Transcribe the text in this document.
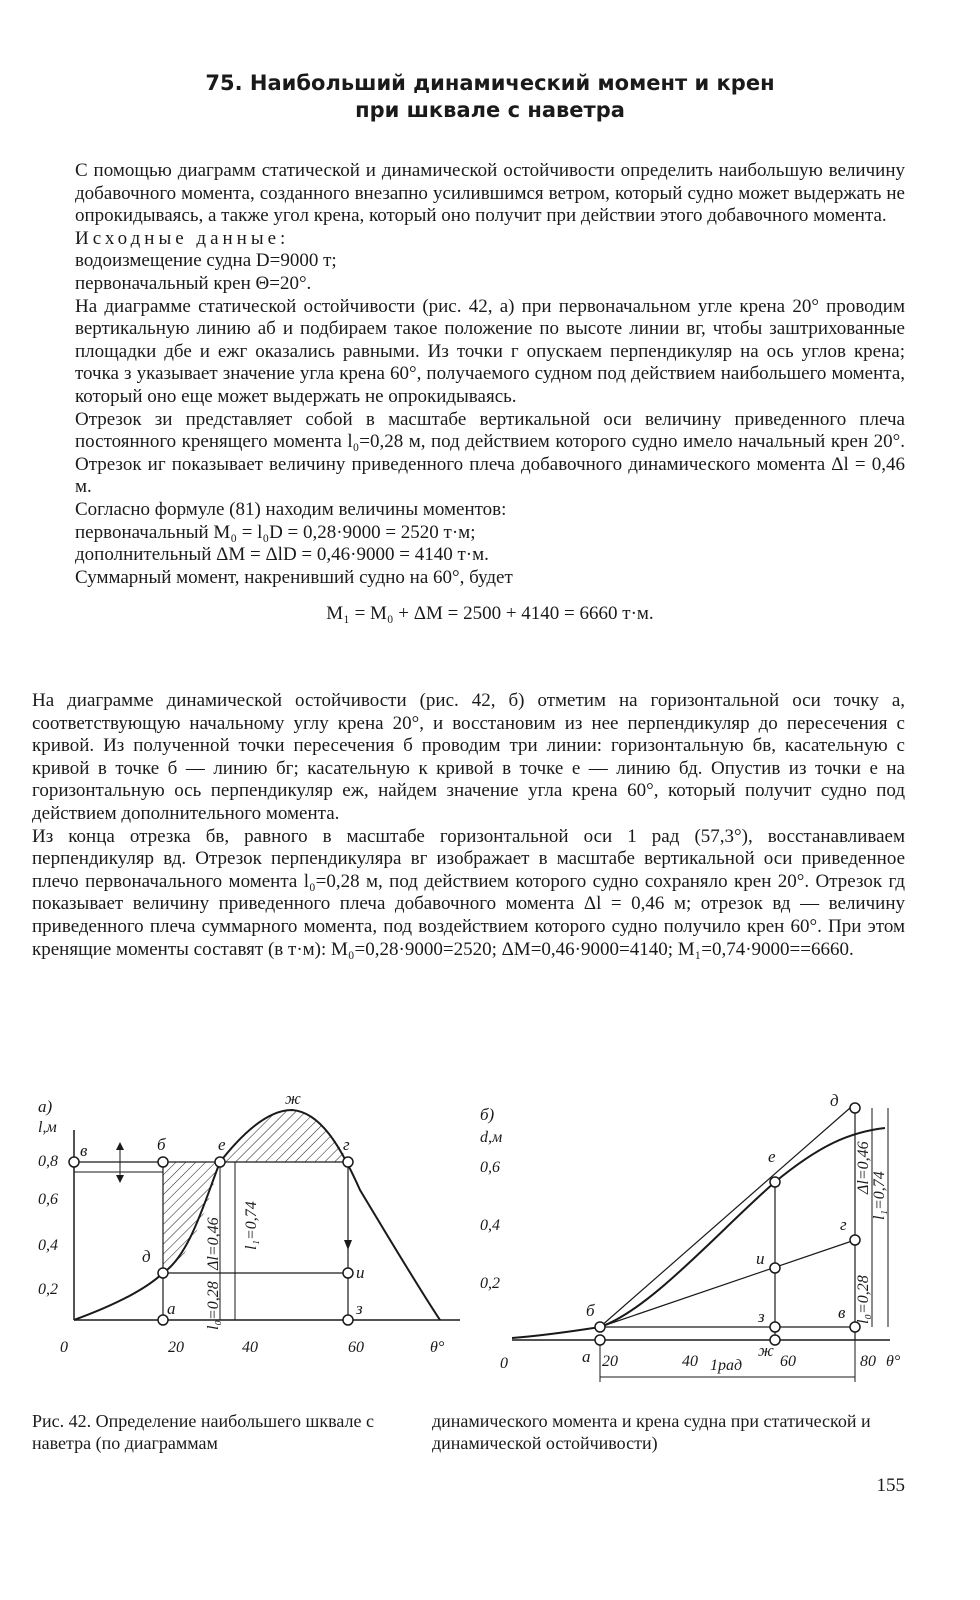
75. Наибольший динамический момент и крен
при шквале с наветра

С помощью диаграмм статической и динамической остойчивости определить наибольшую величину добавочного момента, созданного внезапно усилившимся ветром, который судно может выдержать не опрокидываясь, а также угол крена, который оно получит при действии этого добавочного момента.

Исходные данные:

водоизмещение судна D=9000 т;

первоначальный крен Θ=20°.

На диаграмме статической остойчивости (рис. 42, а) при первоначальном угле крена 20° проводим вертикальную линию аб и подбираем такое положение по высоте линии вг, чтобы заштрихованные площадки дбе и ежг оказались равными. Из точки г опускаем перпендикуляр на ось углов крена; точка з указывает значение угла крена 60°, получаемого судном под действием наибольшего момента, который оно еще может выдержать не опрокидываясь.

Отрезок зи представляет собой в масштабе вертикальной оси величину приведенного плеча постоянного кренящего момента l₀=0,28 м, под действием которого судно имело начальный крен 20°. Отрезок иг показывает величину приведенного плеча добавочного динамического момента Δl = 0,46 м.

Согласно формуле (81) находим величины моментов:

первоначальный M₀ = l₀D = 0,28·9000 = 2520 т·м;

дополнительный ΔM = ΔlD = 0,46·9000 = 4140 т·м.

Суммарный момент, накренивший судно на 60°, будет

M₁ = M₀ + ΔM = 2500 + 4140 = 6660 т·м.

На диаграмме динамической остойчивости (рис. 42, б) отметим на горизонтальной оси точку а, соответствующую начальному углу крена 20°, и восстановим из нее перпендикуляр до пересечения с кривой. Из полученной точки пересечения б проводим три линии: горизонтальную бв, касательную с кривой в точке б — линию бг; касательную к кривой в точке е — линию бд. Опустив из точки е на горизонтальную ось перпендикуляр еж, найдем значение угла крена 60°, который получит судно под действием дополнительного момента.

Из конца отрезка бв, равного в масштабе горизонтальной оси 1 рад (57,3°), восстанавливаем перпендикуляр вд. Отрезок перпендикуляра вг изображает в масштабе вертикальной оси приведенное плечо первоначального момента l₀=0,28 м, под действием которого судно сохраняло крен 20°. Отрезок гд показывает величину приведенного плеча добавочного момента Δl = 0,46 м; отрезок вд — величину приведенного плеча суммарного момента, под воздействием которого судно получило крен 60°. При этом кренящие моменты составят (в т·м): M₀=0,28·9000=2520; ΔM=0,46·9000=4140; M₁=0,74·9000==6660.

а)
l,м
0,8
0,6
0,4
0,2
0	20	40	60	θ°
в	б	е	г
ж
д
и
а	з
Δl=0,46 l₁=0,74
l₀=0,28
б)
d,м
0,6
0,4
0,2
0	20	40	60	80 θ°
д
е
г
и
б	з	в
а	ж
Δl=0,46
l₁=0,74
l₀=0,28
1рад
Рис. 42. Определение наибольшего шквале с наветра (по диаграммам
динамического момента и крена судна при статической и динамической остойчивости)
155
